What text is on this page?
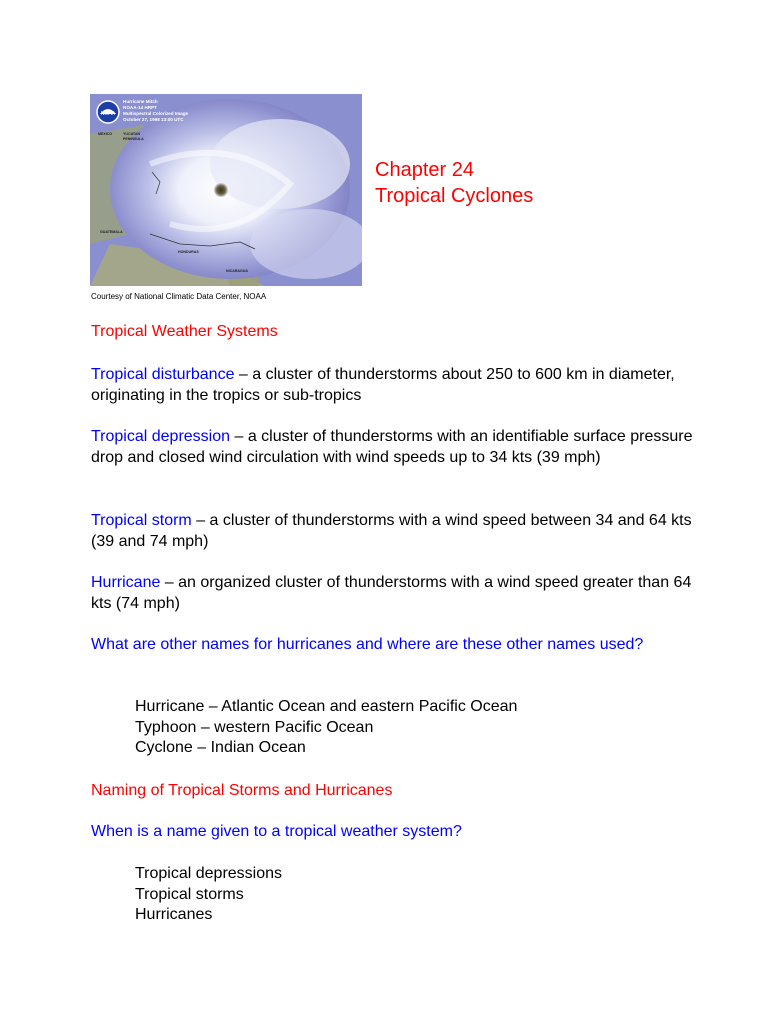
NOAA
Hurricane Mitch
NOAA-14 HRPT
Multispectral Colorized Image
October 27, 1998 13:00 UTC
MEXICO	YUCATAN
PENINSULA
GUATEMALA
HONDURAS
NICARAGUA
Courtesy of National Climatic Data Center, NOAA
Chapter 24
Tropical Cyclones
Tropical Weather Systems
Tropical disturbance – a cluster of thunderstorms about 250 to 600 km in diameter, originating in the tropics or sub-tropics
Tropical depression – a cluster of thunderstorms with an identifiable surface pressure drop and closed wind circulation with wind speeds up to 34 kts (39 mph)
Tropical storm – a cluster of thunderstorms with a wind speed between 34 and 64 kts (39 and 74 mph)
Hurricane – an organized cluster of thunderstorms with a wind speed greater than 64 kts (74 mph)
What are other names for hurricanes and where are these other names used?
Hurricane – Atlantic Ocean and eastern Pacific Ocean
Typhoon – western Pacific Ocean
Cyclone – Indian Ocean
Naming of Tropical Storms and Hurricanes
When is a name given to a tropical weather system?
Tropical depressions
Tropical storms
Hurricanes
